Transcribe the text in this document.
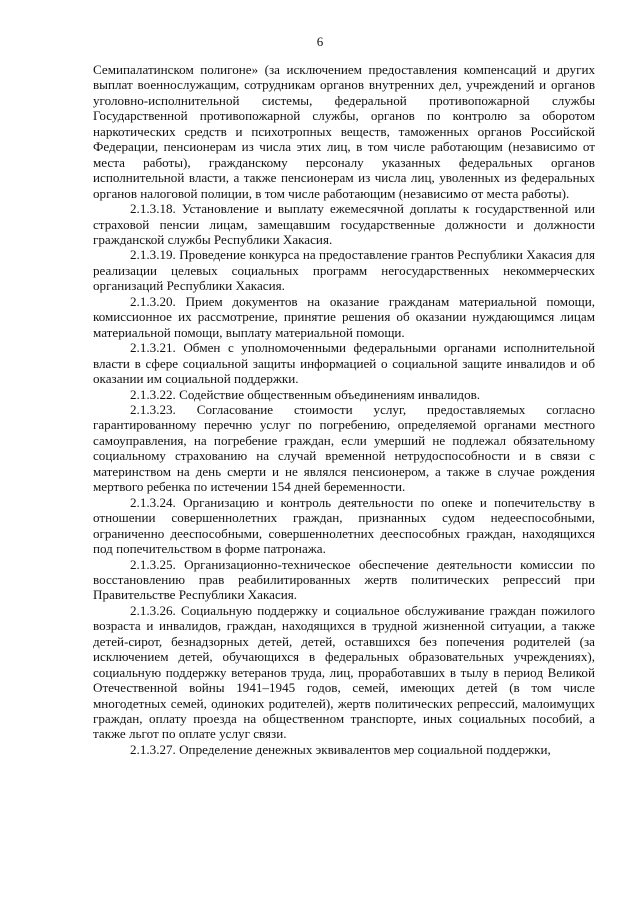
6

Семипалатинском полигоне» (за исключением предоставления компенсаций и других выплат военнослужащим, сотрудникам органов внутренних дел, учреждений и органов уголовно-исполнительной системы, федеральной противопожарной службы Государственной противопожарной службы, органов по контролю за оборотом наркотических средств и психотропных веществ, таможенных органов Российской Федерации, пенсионерам из числа этих лиц, в том числе работающим (независимо от места работы), гражданскому персоналу указанных федеральных органов исполнительной власти, а также пенсионерам из числа лиц, уволенных из федеральных органов налоговой полиции, в том числе работающим (независимо от места работы).

2.1.3.18. Установление и выплату ежемесячной доплаты к государственной или страховой пенсии лицам, замещавшим государственные должности и должности гражданской службы Республики Хакасия.

2.1.3.19. Проведение конкурса на предоставление грантов Республики Хакасия для реализации целевых социальных программ негосударственных некоммерческих организаций Республики Хакасия.

2.1.3.20. Прием документов на оказание гражданам материальной помощи, комиссионное их рассмотрение, принятие решения об оказании нуждающимся лицам материальной помощи, выплату материальной помощи.

2.1.3.21. Обмен с уполномоченными федеральными органами исполнительной власти в сфере социальной защиты информацией о социальной защите инвалидов и об оказании им социальной поддержки.

2.1.3.22. Содействие общественным объединениям инвалидов.

2.1.3.23. Согласование стоимости услуг, предоставляемых согласно гарантированному перечню услуг по погребению, определяемой органами местного самоуправления, на погребение граждан, если умерший не подлежал обязательному социальному страхованию на случай временной нетрудоспособности и в связи с материнством на день смерти и не являлся пенсионером, а также в случае рождения мертвого ребенка по истечении 154 дней беременности.

2.1.3.24. Организацию и контроль деятельности по опеке и попечительству в отношении совершеннолетних граждан, признанных судом недееспособными, ограниченно дееспособными, совершеннолетних дееспособных граждан, находящихся под попечительством в форме патронажа.

2.1.3.25. Организационно-техническое обеспечение деятельности комиссии по восстановлению прав реабилитированных жертв политических репрессий при Правительстве Республики Хакасия.

2.1.3.26. Социальную поддержку и социальное обслуживание граждан пожилого возраста и инвалидов, граждан, находящихся в трудной жизненной ситуации, а также детей-сирот, безнадзорных детей, детей, оставшихся без попечения родителей (за исключением детей, обучающихся в федеральных образовательных учреждениях), социальную поддержку ветеранов труда, лиц, проработавших в тылу в период Великой Отечественной войны 1941–1945 годов, семей, имеющих детей (в том числе многодетных семей, одиноких родителей), жертв политических репрессий, малоимущих граждан, оплату проезда на общественном транспорте, иных социальных пособий, а также льгот по оплате услуг связи.

2.1.3.27. Определение денежных эквивалентов мер социальной поддержки,
